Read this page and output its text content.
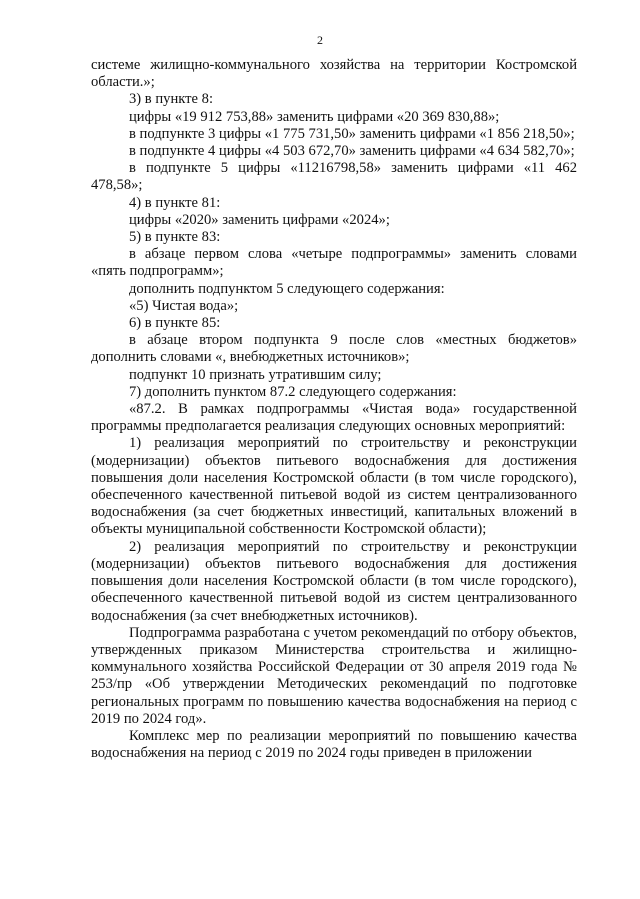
2

системе жилищно-коммунального хозяйства на территории Костромской области.»;

3) в пункте 8:

цифры «19 912 753,88» заменить цифрами «20 369 830,88»;

в подпункте 3 цифры «1 775 731,50» заменить цифрами «1 856 218,50»;

в подпункте 4 цифры «4 503 672,70» заменить цифрами «4 634 582,70»;

в подпункте 5 цифры «11216798,58» заменить цифрами «11 462 478,58»;

4) в пункте 81:

цифры «2020» заменить цифрами «2024»;

5) в пункте 83:

в абзаце первом слова «четыре подпрограммы» заменить словами «пять подпрограмм»;

дополнить подпунктом 5 следующего содержания:

«5) Чистая вода»;

6) в пункте 85:

в абзаце втором подпункта 9 после слов «местных бюджетов» дополнить словами «, внебюджетных источников»;

подпункт 10 признать утратившим силу;

7) дополнить пунктом 87.2 следующего содержания:

«87.2. В рамках подпрограммы «Чистая вода» государственной программы предполагается реализация следующих основных мероприятий:

1) реализация мероприятий по строительству и реконструкции (модернизации) объектов питьевого водоснабжения для достижения повышения доли населения Костромской области (в том числе городского), обеспеченного качественной питьевой водой из систем централизованного водоснабжения (за счет бюджетных инвестиций, капитальных вложений в объекты муниципальной собственности Костромской области);

2) реализация мероприятий по строительству и реконструкции (модернизации) объектов питьевого водоснабжения для достижения повышения доли населения Костромской области (в том числе городского), обеспеченного качественной питьевой водой из систем централизованного водоснабжения (за счет внебюджетных источников).

Подпрограмма разработана с учетом рекомендаций по отбору объектов, утвержденных приказом Министерства строительства и жилищно-коммунального хозяйства Российской Федерации от 30 апреля 2019 года № 253/пр «Об утверждении Методических рекомендаций по подготовке региональных программ по повышению качества водоснабжения на период с 2019 по 2024 год».

Комплекс мер по реализации мероприятий по повышению качества водоснабжения на период с 2019 по 2024 годы приведен в приложении
